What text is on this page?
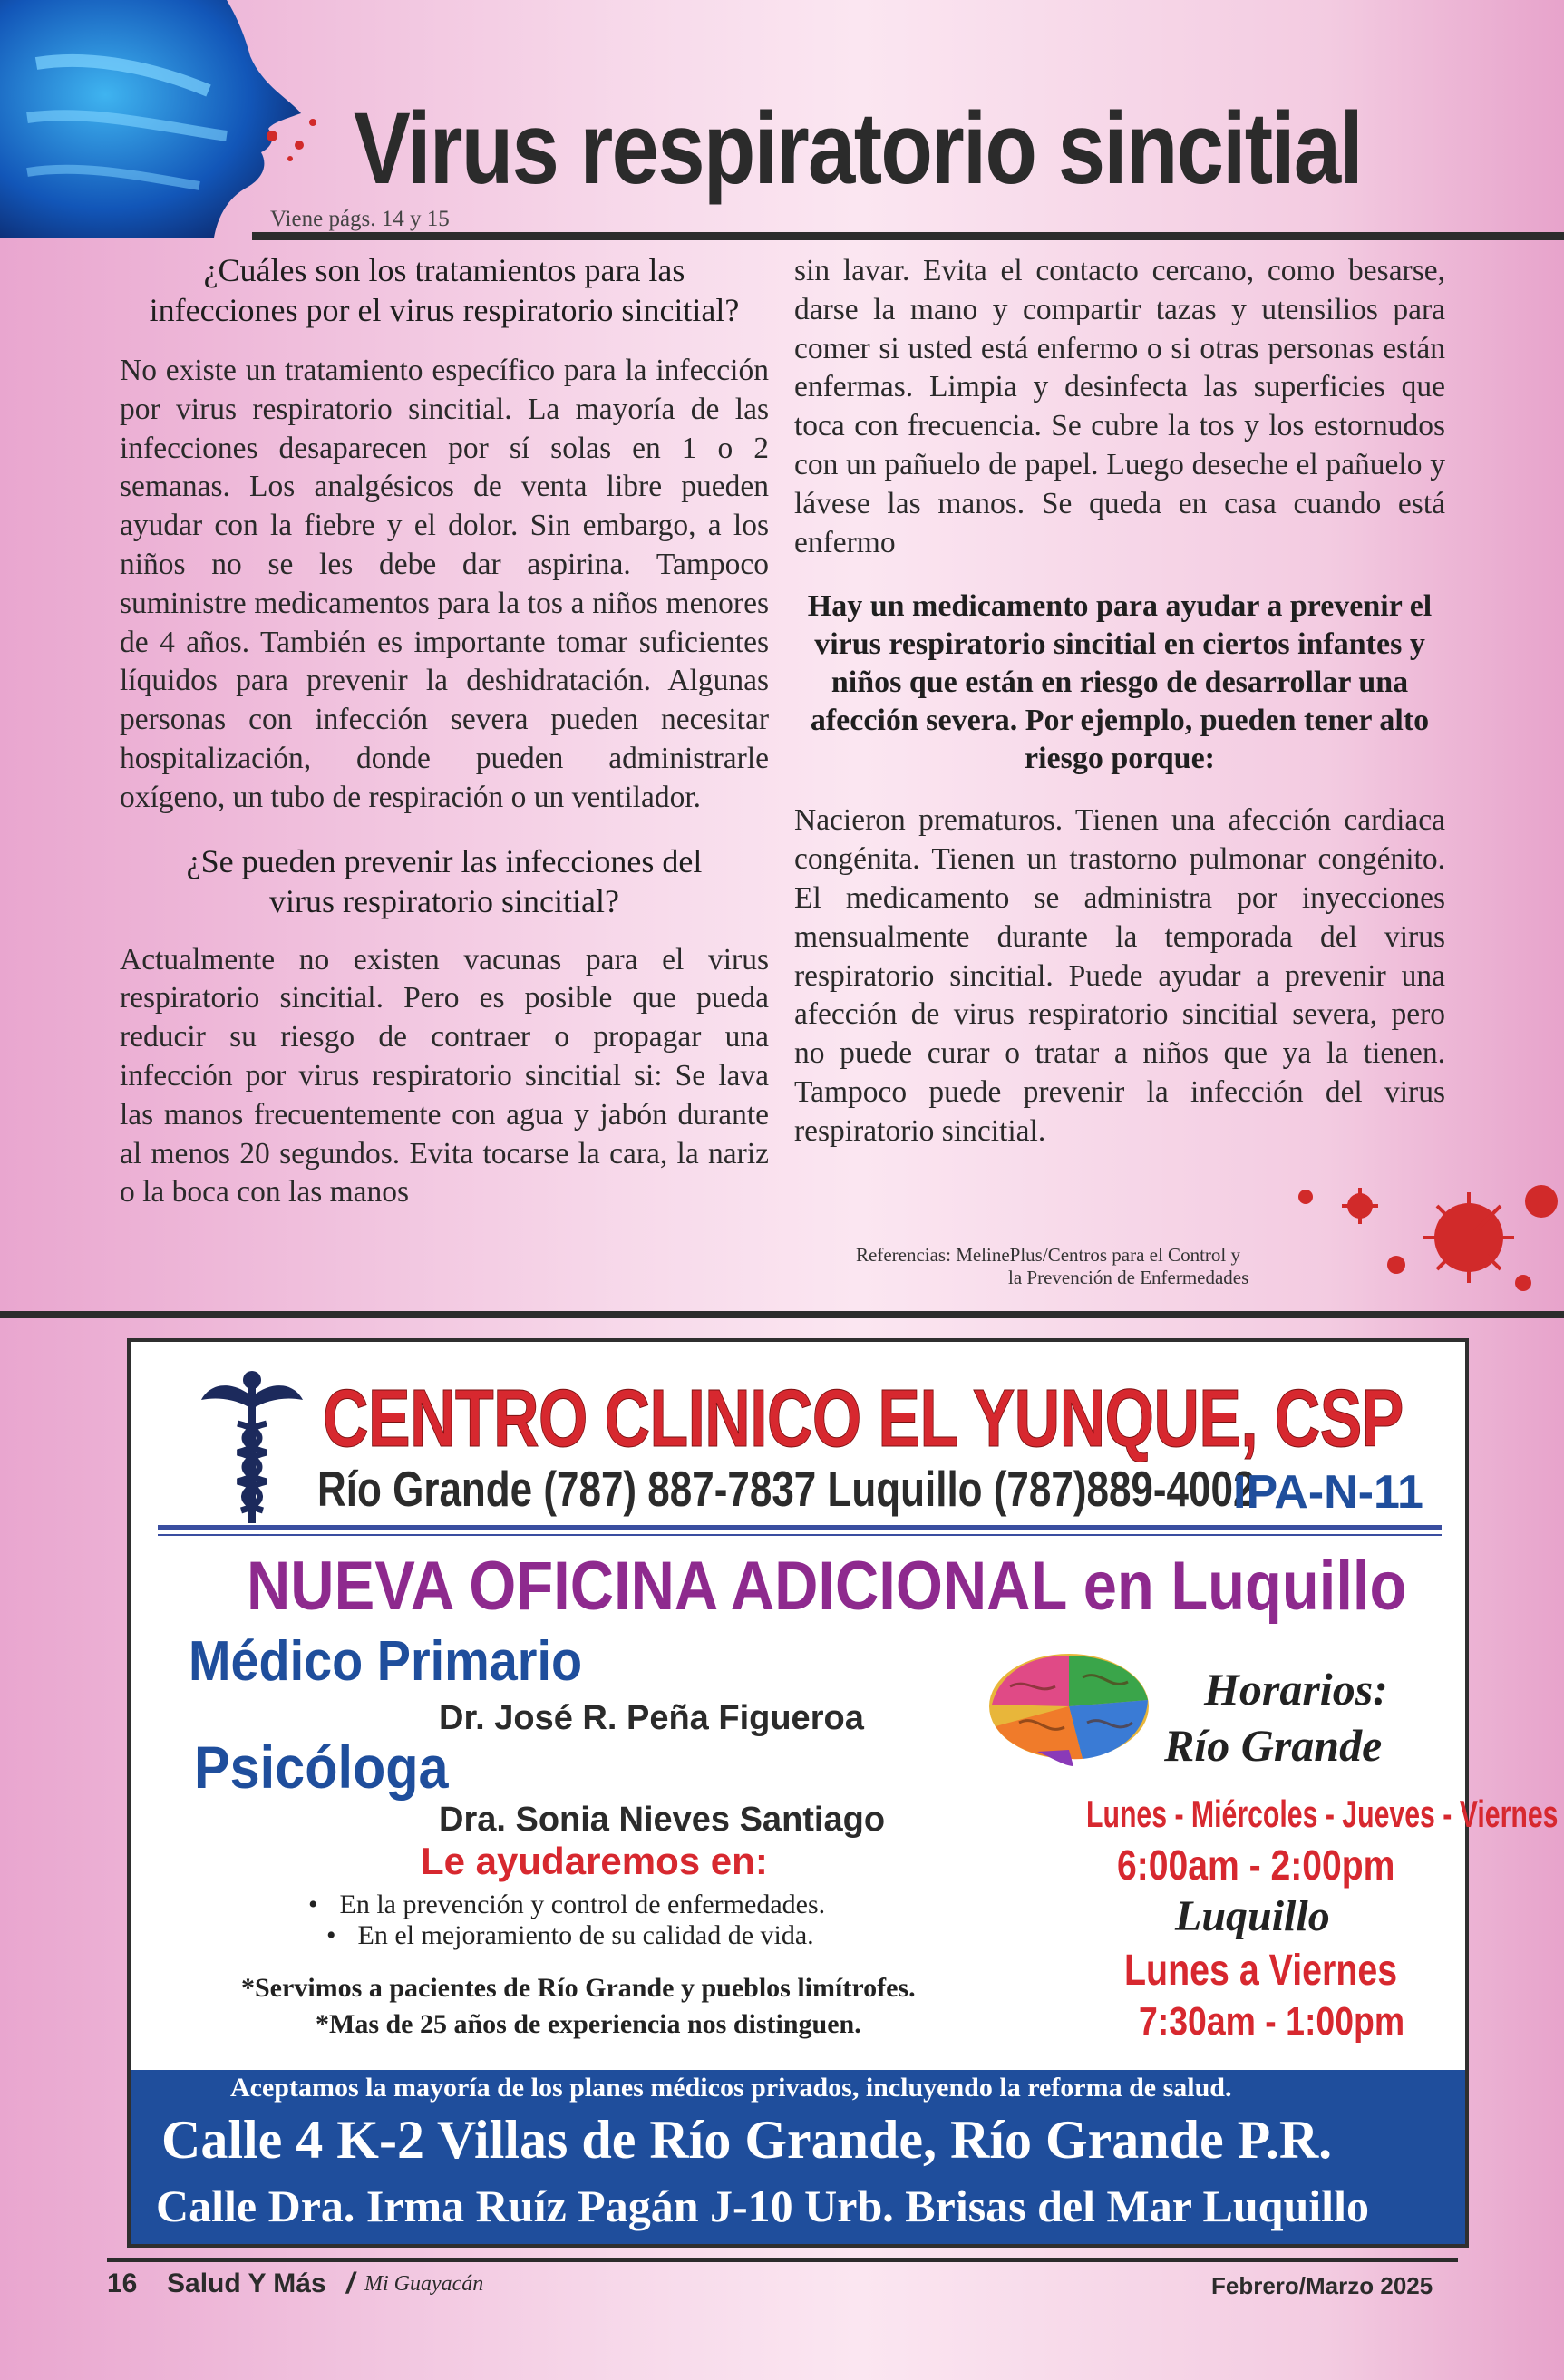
Virus respiratorio sincitial
Viene págs. 14 y 15

¿Cuáles son los tratamientos para las infecciones por el virus respiratorio sincitial?

No existe un tratamiento específico para la infección por virus respiratorio sincitial. La mayoría de las infecciones desaparecen por sí solas en 1 o 2 semanas. Los analgésicos de venta libre pueden ayudar con la fiebre y el dolor. Sin embargo, a los niños no se les debe dar aspirina. Tampoco suministre medicamentos para la tos a niños menores de 4 años. También es importante tomar suficientes líquidos para prevenir la deshidratación. Algunas personas con infección severa pueden necesitar hospitalización, donde pueden administrarle oxígeno, un tubo de respiración o un ventilador.

¿Se pueden prevenir las infecciones del virus respiratorio sincitial?

Actualmente no existen vacunas para el virus respiratorio sincitial. Pero es posible que pueda reducir su riesgo de contraer o propagar una infección por virus respiratorio sincitial si: Se lava las manos frecuentemente con agua y jabón durante al menos 20 segundos. Evita tocarse la cara, la nariz o la boca con las manos

sin lavar. Evita el contacto cercano, como besarse, darse la mano y compartir tazas y utensilios para comer si usted está enfermo o si otras personas están enfermas. Limpia y desinfecta las superficies que toca con frecuencia. Se cubre la tos y los estornudos con un pañuelo de papel. Luego deseche el pañuelo y lávese las manos. Se queda en casa cuando está enfermo

Hay un medicamento para ayudar a prevenir el virus respiratorio sincitial en ciertos infantes y niños que están en riesgo de desarrollar una afección severa. Por ejemplo, pueden tener alto riesgo porque:

Nacieron prematuros. Tienen una afección cardiaca congénita. Tienen un trastorno pulmonar congénito. El medicamento se administra por inyecciones mensualmente durante la temporada del virus respiratorio sincitial. Puede ayudar a prevenir una afección de virus respiratorio sincitial severa, pero no puede curar o tratar a niños que ya la tienen. Tampoco puede prevenir la infección del virus respiratorio sincitial.

Referencias: MelinePlus/Centros para el Control y
la Prevención de Enfermedades
CENTRO CLINICO EL YUNQUE, CSP
Río Grande (787) 887-7837 Luquillo (787)889-4002
IPA-N-11
NUEVA OFICINA ADICIONAL en Luquillo
Médico Primario
Dr. José R. Peña Figueroa
Psicóloga
Dra. Sonia Nieves Santiago
Le ayudaremos en:
• En la prevención y control de enfermedades.
• En el mejoramiento de su calidad de vida.
*Servimos a pacientes de Río Grande y pueblos limítrofes.
*Mas de 25 años de experiencia nos distinguen.
Horarios:
Río Grande
Lunes - Miércoles - Jueves - Viernes
6:00am - 2:00pm
Luquillo
Lunes a Viernes
7:30am - 1:00pm
Aceptamos la mayoría de los planes médicos privados, incluyendo la reforma de salud.
Calle 4 K-2 Villas de Río Grande, Río Grande P.R.
Calle Dra. Irma Ruíz Pagán J-10 Urb. Brisas del Mar Luquillo
16 Salud Y Más / Mi Guayacán	Febrero/Marzo 2025
